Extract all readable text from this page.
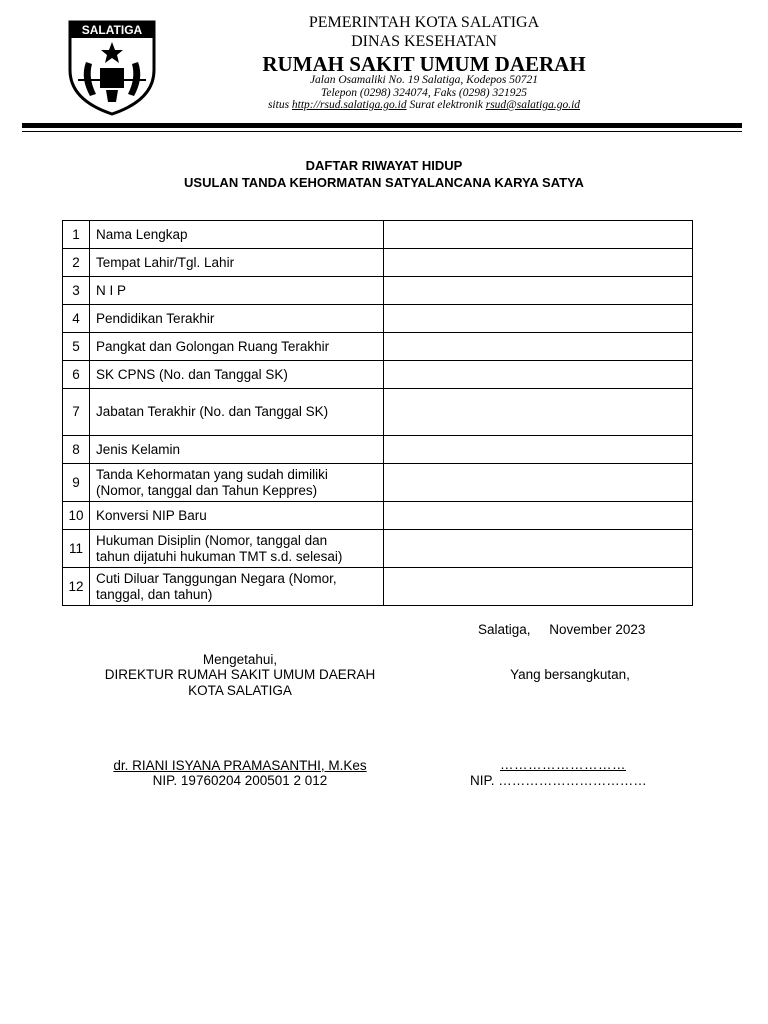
SALATIGA	PEMERINTAH KOTA SALATIGA
DINAS KESEHATAN
RUMAH SAKIT UMUM DAERAH
Jalan Osamaliki No. 19 Salatiga, Kodepos 50721
Telepon (0298) 324074, Faks (0298) 321925
situs http://rsud.salatiga.go.id Surat elektronik rsud@salatiga.go.id
DAFTAR RIWAYAT HIDUP
USULAN TANDA KEHORMATAN SATYALANCANA KARYA SATYA
1	Nama Lengkap	
2	Tempat Lahir/Tgl. Lahir	
3	N I P	
4	Pendidikan Terakhir	
5	Pangkat dan Golongan Ruang Terakhir	
6	SK CPNS (No. dan Tanggal SK)	
7	Jabatan Terakhir (No. dan Tanggal SK)	
8	Jenis Kelamin	
9	Tanda Kehormatan yang sudah dimiliki
(Nomor, tanggal dan Tahun Keppres)	
10	Konversi NIP Baru	
11	Hukuman Disiplin (Nomor, tanggal dan
tahun dijatuhi hukuman TMT s.d. selesai)	
12	Cuti Diluar Tanggungan Negara (Nomor,
tanggal, dan tahun)	
Salatiga,     November 2023
Mengetahui,
DIREKTUR RUMAH SAKIT UMUM DAERAH
KOTA SALATIGA
dr. RIANI ISYANA PRAMASANTHI, M.Kes
NIP. 19760204 200501 2 012
Yang bersangkutan,
………………………
NIP. ……………………………
